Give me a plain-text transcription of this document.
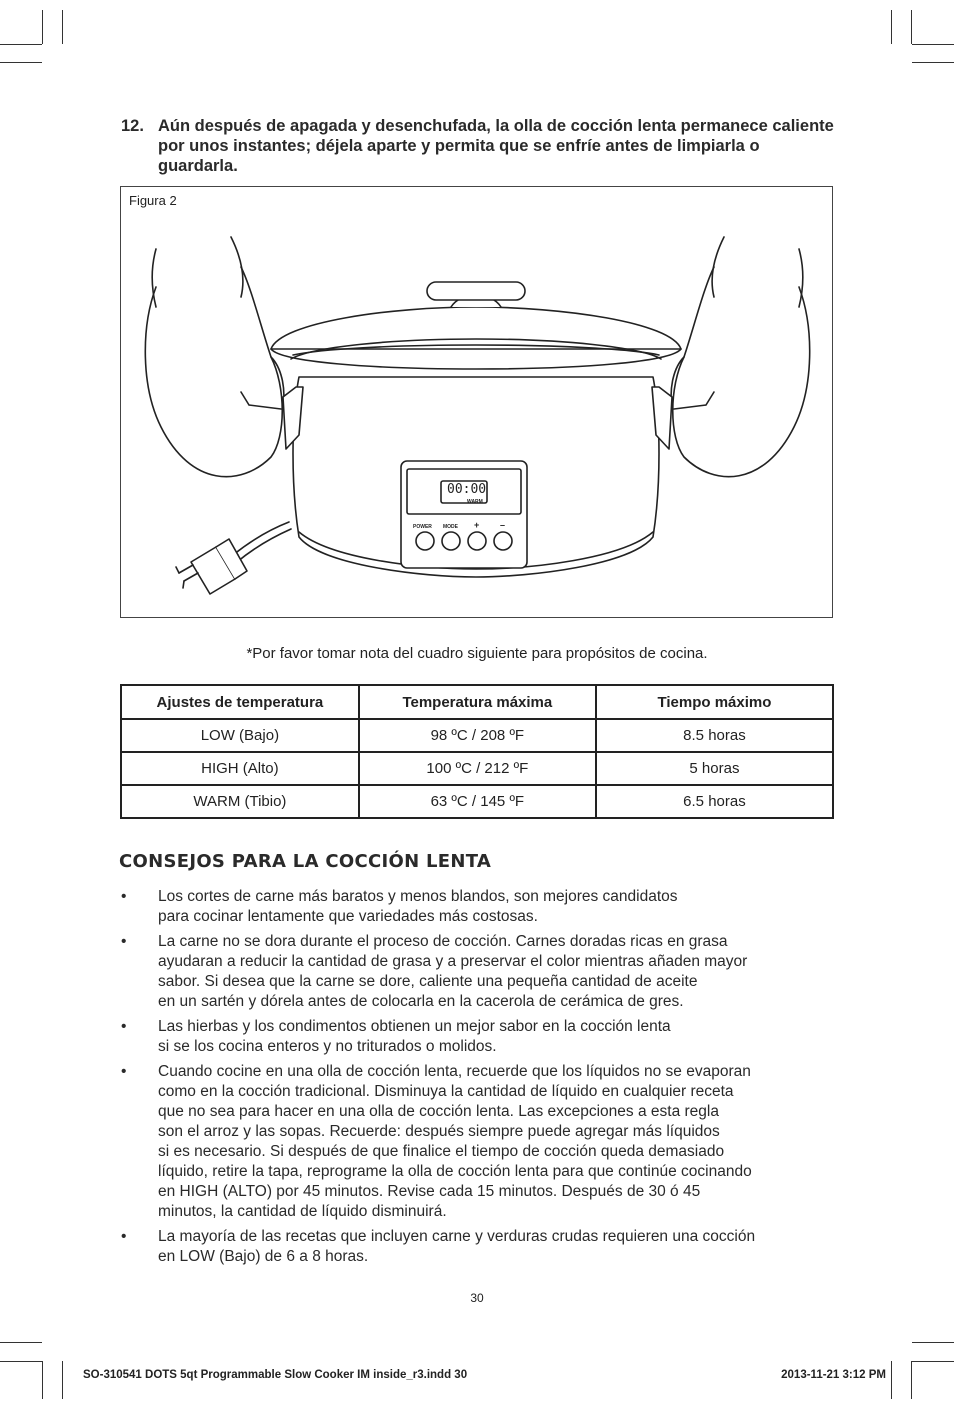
12. Aún después de apagada y desenchufada, la olla de cocción lenta permanece caliente por unos instantes; déjela aparte y permita que se enfríe antes de limpiarla o guardarla.
Figura 2
00:00
WARM
POWER MODE + –
*Por favor tomar nota del cuadro siguiente para propósitos de cocina.
Ajustes de temperatura	Temperatura máxima	Tiempo máximo
LOW (Bajo)	98 ºC / 208 ºF	8.5 horas
HIGH (Alto)	100 ºC / 212 ºF	5 horas
WARM (Tibio)	63 ºC / 145 ºF	6.5 horas
CONSEJOS PARA LA COCCIÓN LENTA
• Los cortes de carne más baratos y menos blandos, son mejores candidatos
para cocinar lentamente que variedades más costosas.
• La carne no se dora durante el proceso de cocción. Carnes doradas ricas en grasa
ayudaran a reducir la cantidad de grasa y a preservar el color mientras añaden mayor
sabor. Si desea que la carne se dore, caliente una pequeña cantidad de aceite
en un sartén y dórela antes de colocarla en la cacerola de cerámica de gres.
• Las hierbas y los condimentos obtienen un mejor sabor en la cocción lenta
si se los cocina enteros y no triturados o molidos.
• Cuando cocine en una olla de cocción lenta, recuerde que los líquidos no se evaporan
como en la cocción tradicional. Disminuya la cantidad de líquido en cualquier receta
que no sea para hacer en una olla de cocción lenta. Las excepciones a esta regla
son el arroz y las sopas. Recuerde: después siempre puede agregar más líquidos
si es necesario. Si después de que finalice el tiempo de cocción queda demasiado
líquido, retire la tapa, reprograme la olla de cocción lenta para que continúe cocinando
en HIGH (ALTO) por 45 minutos. Revise cada 15 minutos. Después de 30 ó 45
minutos, la cantidad de líquido disminuirá.
• La mayoría de las recetas que incluyen carne y verduras crudas requieren una cocción
en LOW (Bajo) de 6 a 8 horas.
30
SO-310541 DOTS 5qt Programmable Slow Cooker IM inside_r3.indd 30	2013-11-21 3:12 PM
